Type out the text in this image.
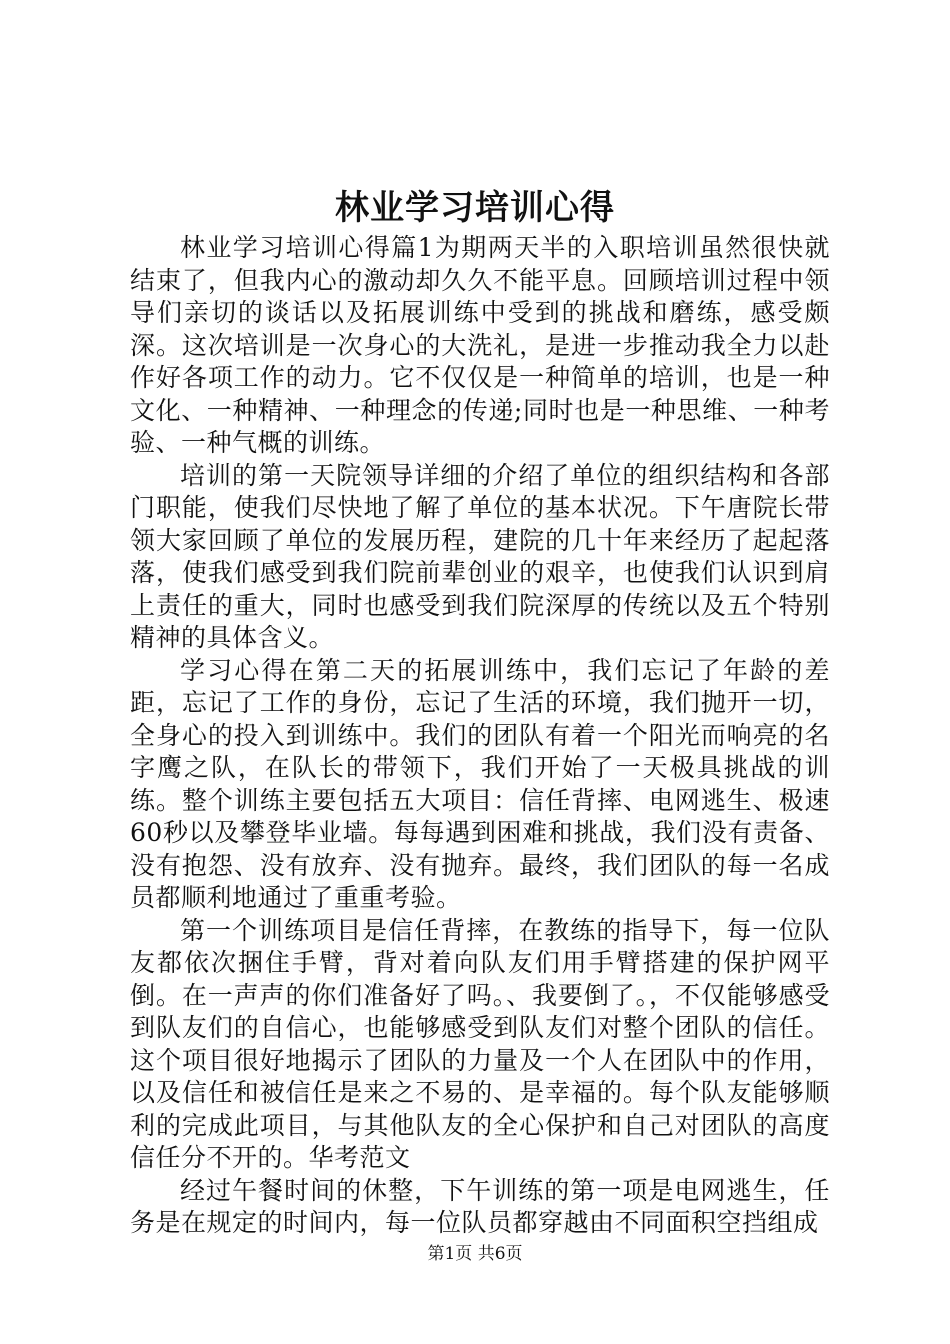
林业学习培训心得

林业学习培训心得篇1为期两天半的入职培训虽然很快就结束了，但我内心的激动却久久不能平息。回顾培训过程中领导们亲切的谈话以及拓展训练中受到的挑战和磨练，感受颇深。这次培训是一次身心的大洗礼，是进一步推动我全力以赴作好各项工作的动力。它不仅仅是一种简单的培训，也是一种文化、一种精神、一种理念的传递;同时也是一种思维、一种考验、一种气概的训练。

培训的第一天院领导详细的介绍了单位的组织结构和各部门职能，使我们尽快地了解了单位的基本状况。下午唐院长带领大家回顾了单位的发展历程，建院的几十年来经历了起起落落，使我们感受到我们院前辈创业的艰辛，也使我们认识到肩上责任的重大，同时也感受到我们院深厚的传统以及五个特别精神的具体含义。

学习心得在第二天的拓展训练中，我们忘记了年龄的差距，忘记了工作的身份，忘记了生活的环境，我们抛开一切，全身心的投入到训练中。我们的团队有着一个阳光而响亮的名字鹰之队，在队长的带领下，我们开始了一天极具挑战的训练。整个训练主要包括五大项目：信任背摔、电网逃生、极速60秒以及攀登毕业墙。每每遇到困难和挑战，我们没有责备、没有抱怨、没有放弃、没有抛弃。最终，我们团队的每一名成员都顺利地通过了重重考验。

第一个训练项目是信任背摔，在教练的指导下，每一位队友都依次捆住手臂，背对着向队友们用手臂搭建的保护网平倒。在一声声的你们准备好了吗。、我要倒了。，不仅能够感受到队友们的自信心，也能够感受到队友们对整个团队的信任。这个项目很好地揭示了团队的力量及一个人在团队中的作用，以及信任和被信任是来之不易的、是幸福的。每个队友能够顺利的完成此项目，与其他队友的全心保护和自己对团队的高度信任分不开的。华考范文

经过午餐时间的休整，下午训练的第一项是电网逃生，任务是在规定的时间内，每一位队员都穿越由不同面积空挡组成

第1页 共6页
